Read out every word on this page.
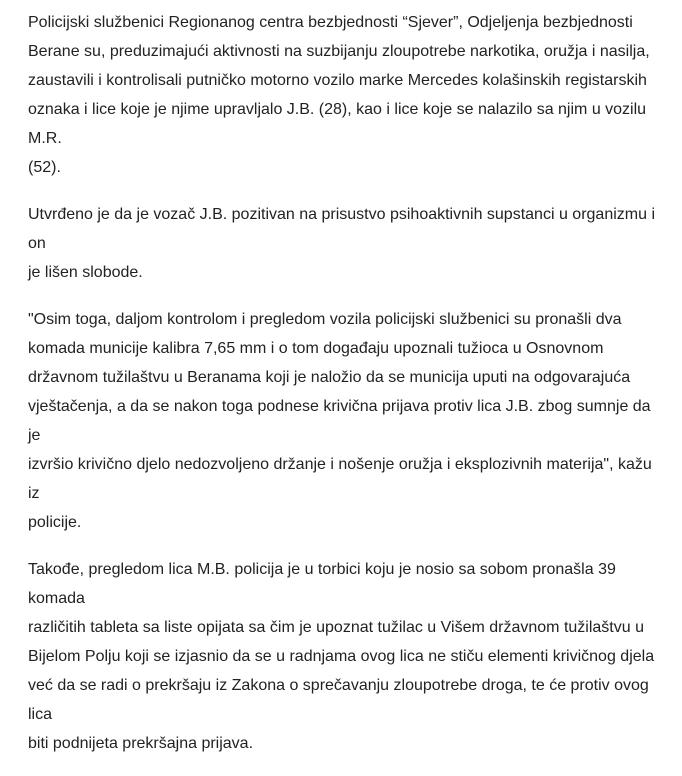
Policijski službenici Regionanog centra bezbjednosti “Sjever”, Odjeljenja bezbjednosti
Berane su, preduzimajući aktivnosti na suzbijanju zloupotrebe narkotika, oružja i nasilja,
zaustavili i kontrolisali putničko motorno vozilo marke Mercedes kolašinskih registarskih
oznaka i lice koje je njime upravljalo J.B. (28), kao i lice koje se nalazilo sa njim u vozilu M.R.
(52).

Utvrđeno je da je vozač J.B. pozitivan na prisustvo psihoaktivnih supstanci u organizmu i on
je lišen slobode.

"Osim toga, daljom kontrolom i pregledom vozila policijski službenici su pronašli dva
komada municije kalibra 7,65 mm i o tom događaju upoznali tužioca u Osnovnom
državnom tužilaštvu u Beranama koji je naložio da se municija uputi na odgovarajuća
vještačenja, a da se nakon toga podnese krivična prijava protiv lica J.B. zbog sumnje da je
izvršio krivično djelo nedozvoljeno držanje i nošenje oružja i eksplozivnih materija", kažu iz
policije.

Takođe, pregledom lica M.B. policija je u torbici koju je nosio sa sobom pronašla 39 komada
različitih tableta sa liste opijata sa čim je upoznat tužilac u Višem državnom tužilaštvu u
Bijelom Polju koji se izjasnio da se u radnjama ovog lica ne stiču elementi krivičnog djela
već da se radi o prekršaju iz Zakona o sprečavanju zloupotrebe droga, te će protiv ovog lica
biti podnijeta prekršajna prijava.
